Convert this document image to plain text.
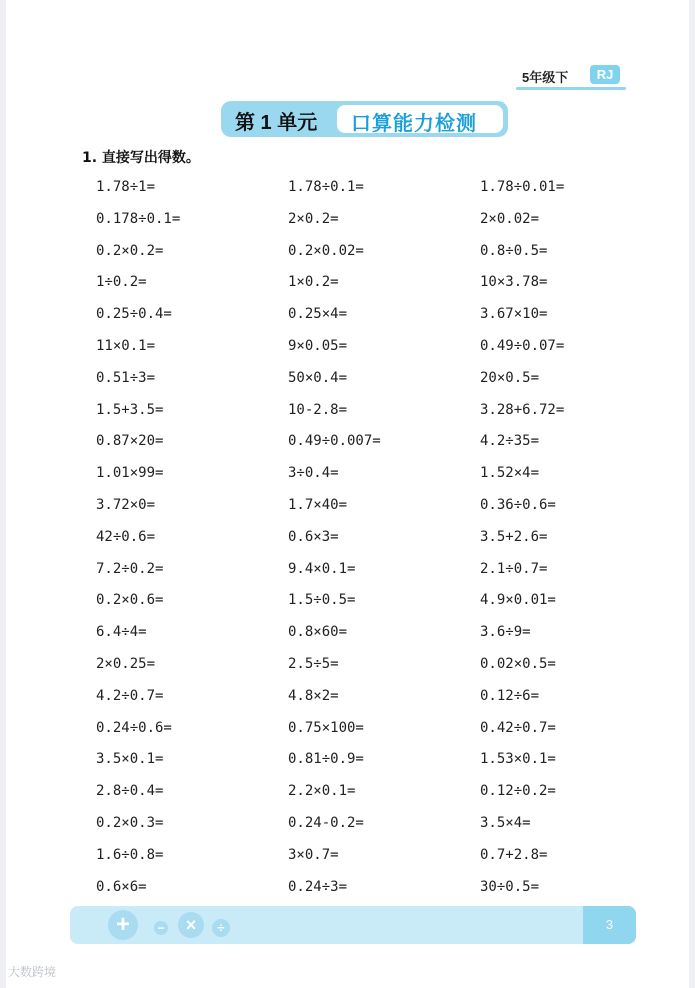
5年级下	RJ
第 1 单元 口算能力检测
1. 直接写出得数。
1.78÷1=	1.78÷0.1=	1.78÷0.01=
0.178÷0.1=	2×0.2=	2×0.02=
0.2×0.2=	0.2×0.02=	0.8÷0.5=
1÷0.2=	1×0.2=	10×3.78=
0.25÷0.4=	0.25×4=	3.67×10=
11×0.1=	9×0.05=	0.49÷0.07=
0.51÷3=	50×0.4=	20×0.5=
1.5+3.5=	10-2.8=	3.28+6.72=
0.87×20=	0.49÷0.007=	4.2÷35=
1.01×99=	3÷0.4=	1.52×4=
3.72×0=	1.7×40=	0.36÷0.6=
42÷0.6=	0.6×3=	3.5+2.6=
7.2÷0.2=	9.4×0.1=	2.1÷0.7=
0.2×0.6=	1.5÷0.5=	4.9×0.01=
6.4÷4=	0.8×60=	3.6÷9=
2×0.25=	2.5÷5=	0.02×0.5=
4.2÷0.7=	4.8×2=	0.12÷6=
0.24÷0.6=	0.75×100=	0.42÷0.7=
3.5×0.1=	0.81÷0.9=	1.53×0.1=
2.8÷0.4=	2.2×0.1=	0.12÷0.2=
0.2×0.3=	0.24-0.2=	3.5×4=
1.6÷0.8=	3×0.7=	0.7+2.8=
0.6×6=	0.24÷3=	30÷0.5=
+	−	×	÷	3
大数跨境
